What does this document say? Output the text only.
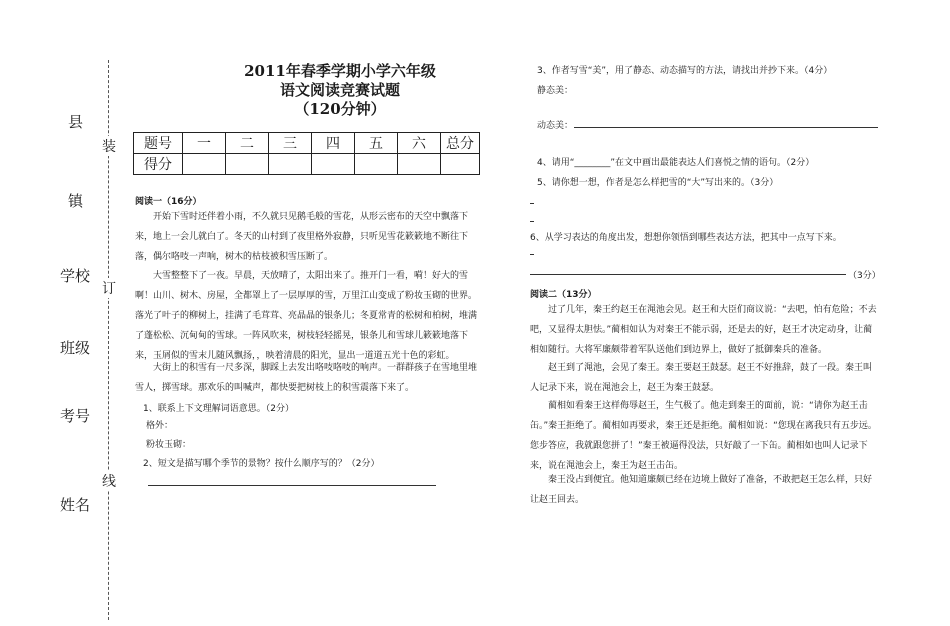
县
镇
学校
班级
考号
姓名
装
订
线
2011年春季学期小学六年级
语文阅读竞赛试题
（120分钟）
题号	一	二	三	四	五	六	总分
得分							
阅读一（16分）
开始下雪时还伴着小雨，不久就只见鹅毛般的雪花，从形云密布的天空中飘落下来，地上一会儿就白了。冬天的山村到了夜里格外寂静，只听见雪花簌簌地不断往下落，偶尔咯吱一声响，树木的枯枝被积雪压断了。
大雪整整下了一夜。早晨，天放晴了，太阳出来了。推开门一看，嗬！好大的雪啊！山川、树木、房屋，全都罩上了一层厚厚的雪，万里江山变成了粉妆玉砌的世界。落光了叶子的柳树上，挂满了毛茸茸、亮晶晶的银条儿；冬夏常青的松树和柏树，堆满了蓬松松、沉甸甸的雪球。一阵风吹来，树枝轻轻摇晃，银条儿和雪球儿簌簌地落下来，玉屑似的雪末儿随风飘扬，，映着清晨的阳光，显出一道道五光十色的彩虹。
大街上的积雪有一尺多深，脚踩上去发出咯吱咯吱的响声。一群群孩子在雪地里堆雪人，掷雪球。那欢乐的叫喊声，都快要把树枝上的积雪震落下来了。
1、联系上下文理解词语意思。（2分）
格外：
粉妆玉砌：
2、短文是描写哪个季节的景物？按什么顺序写的？（2分）
3、作者写雪“美”，用了静态、动态描写的方法，请找出并抄下来。（4分）
静态美：
动态美：
4、请用“________”在文中画出最能表达人们喜悦之情的语句。（2分）
5、请你想一想，作者是怎么样把雪的“大”写出来的。（3分）
6、从学习表达的角度出发，想想你领悟到哪些表达方法，把其中一点写下来。
（3分）
阅读二（13分）
过了几年，秦王约赵王在渑池会见。赵王和大臣们商议说：“去吧，怕有危险；不去吧，又显得太胆怯。”蔺相如认为对秦王不能示弱，还是去的好，赵王才决定动身，让蔺相如随行。大将军廉颇带着军队送他们到边界上，做好了抵御秦兵的准备。
赵王到了渑池，会见了秦王。秦王要赵王鼓瑟。赵王不好推辞，鼓了一段。秦王叫人记录下来，说在渑池会上，赵王为秦王鼓瑟。
蔺相如看秦王这样侮辱赵王，生气极了。他走到秦王的面前，说：“请你为赵王击缶。”秦王拒绝了。蔺相如再要求，秦王还是拒绝。蔺相如说：“您现在离我只有五步远。您步答应，我就跟您拼了！”秦王被逼得没法，只好敲了一下缶。蔺相如也叫人记录下来，说在渑池会上，秦王为赵王击缶。
秦王没占到便宜。他知道廉颇已经在边境上做好了准备，不敢把赵王怎么样，只好让赵王回去。
